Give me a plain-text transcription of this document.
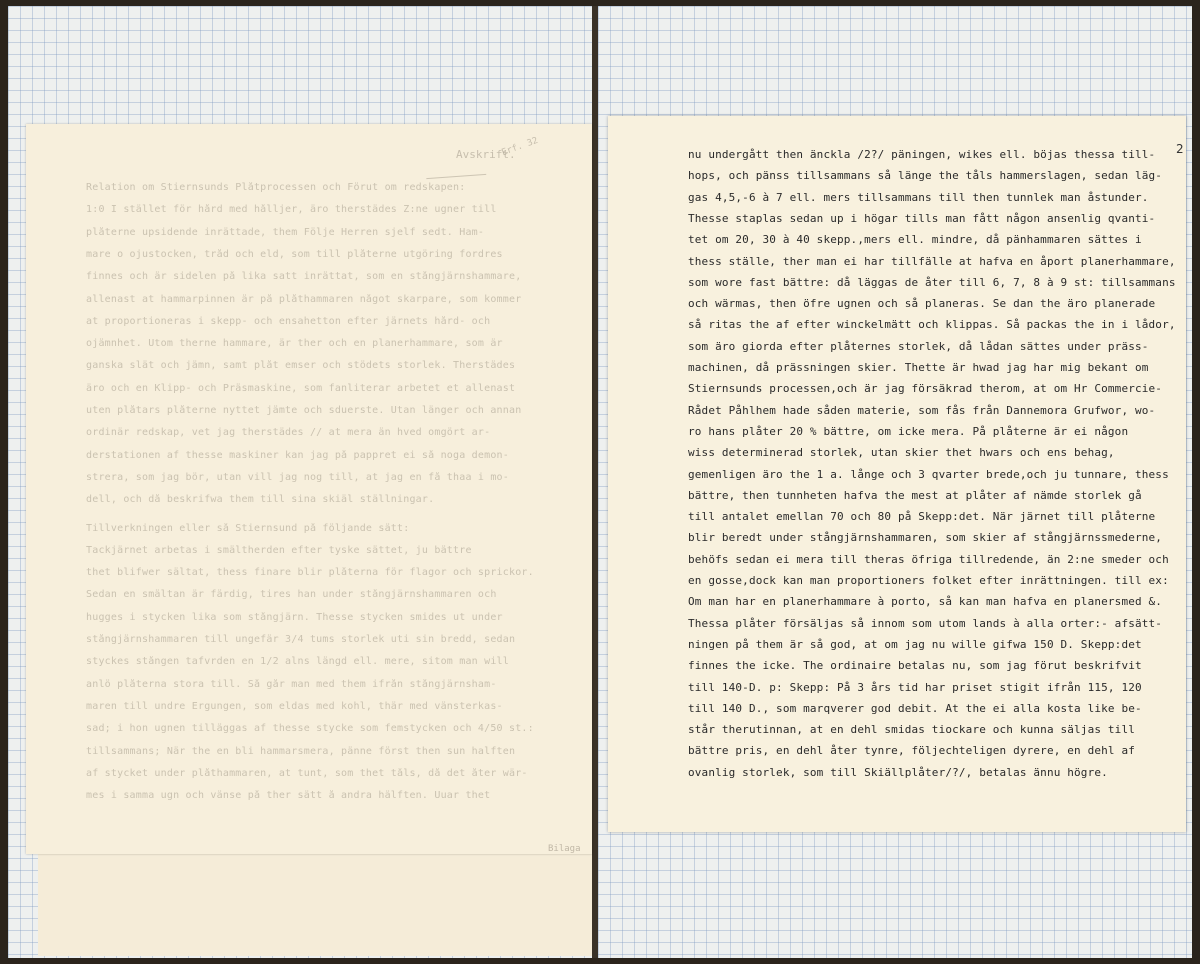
Avskrift.
Erf. 32
Relation om Stiernsunds Plåtprocessen och Förut om redskapen:
1:0 I stället för hård med hålljer, äro therstädes Z:ne ugner till
plåterne upsidende inrättade, them Följe Herren sjelf sedt. Ham-
mare o ojustocken, tråd och eld, som till plåterne utgöring fordres
finnes och är sidelen på lika satt inrättat, som en stångjärnshammare,
allenast at hammarpinnen är på plåthammaren något skarpare, som kommer
at proportioneras i skepp- och ensahetton efter järnets hård- och
ojämnhet. Utom therne hammare, är ther och en planerhammare, som är
ganska slät och jämn, samt plåt emser och stödets storlek. Therstädes
äro och en Klipp- och Präsmaskine, som fanliterar arbetet et allenast
uten plåtars plåterne nyttet jämte och sduerste. Utan länger och annan
ordinär redskap, vet jag therstädes // at mera än hved omgört ar-
derstationen af thesse maskiner kan jag på pappret ei så noga demon-
strera, som jag bör, utan vill jag nog till, at jag en få thaa i mo-
dell, och då beskrifwa them till sina skiäl ställningar.
Tillverkningen eller så Stiernsund på följande sätt:
Tackjärnet arbetas i smältherden efter tyske sättet, ju bättre
thet blifwer sältat, thess finare blir plåterna för flagor och sprickor.
Sedan en smältan är färdig, tires han under stångjärnshammaren och
hugges i stycken lika som stångjärn. Thesse stycken smides ut under
stångjärnshammaren till ungefär 3/4 tums storlek uti sin bredd, sedan
styckes stången tafvrden en 1/2 alns längd ell. mere, sitom man will
anlö plåterna stora till. Så går man med them ifrån stångjärnsham-
maren till undre Ergungen, som eldas med kohl, thär med vänsterkas-
sad; i hon ugnen tilläggas af thesse stycke som femstycken och 4/50 st.:
tillsammans; När the en bli hammarsmera, pänne först then sun halften
af stycket under plåthammaren, at tunt, som thet tåls, då det åter wär-
mes i samma ugn och vänse på ther sätt å andra hälften. Uuar thet
Bilaga
2
nu undergått then änckla /2?/ päningen, wikes ell. böjas thessa till-
hops, och pänss tillsammans så länge the tåls hammerslagen, sedan läg-
gas 4,5,-6 à 7 ell. mers tillsammans till then tunnlek man åstunder.
Thesse staplas sedan up i högar tills man fått någon ansenlig qvanti-
tet om 20, 30 à 40 skepp.,mers ell. mindre, då pänhammaren sättes i
thess ställe, ther man ei har tillfälle at hafva en åport planerhammare,
som wore fast bättre: då läggas de åter till 6, 7, 8 à 9 st: tillsammans
och wärmas, then öfre ugnen och så planeras. Se dan the äro planerade
så ritas the af efter winckelmätt och klippas. Så packas the in i lådor,
som äro giorda efter plåternes storlek, då lådan sättes under präss-
machinen, då prässningen skier. Thette är hwad jag har mig bekant om
Stiernsunds processen,och är jag försäkrad therom, at om Hr Commercie-
Rådet Påhlhem hade såden materie, som fås från Dannemora Grufwor, wo-
ro hans plåter 20 % bättre, om icke mera. På plåterne är ei någon
wiss determinerad storlek, utan skier thet hwars och ens behag,
gemenligen äro the 1 a. långe och 3 qvarter brede,och ju tunnare, thess
bättre, then tunnheten hafva the mest at plåter af nämde storlek gå
till antalet emellan 70 och 80 på Skepp:det. När järnet till plåterne
blir beredt under stångjärnshammaren, som skier af stångjärnssmederne,
behöfs sedan ei mera till theras öfriga tillredende, än 2:ne smeder och
en gosse,dock kan man proportioners folket efter inrättningen. till ex:
Om man har en planerhammare à porto, så kan man hafva en planersmed &.
Thessa plåter försäljas så innom som utom lands à alla orter:- afsätt-
ningen på them är så god, at om jag nu wille gifwa 150 D. Skepp:det
finnes the icke. The ordinaire betalas nu, som jag förut beskrifvit
till 140-D. p: Skepp: På 3 års tid har priset stigit ifrån 115, 120
till 140 D., som marqverer god debit. At the ei alla kosta like be-
står therutinnan, at en dehl smidas tiockare och kunna säljas till
bättre pris, en dehl åter tynre, följechteligen dyrere, en dehl af
ovanlig storlek, som till Skiällplåter/?/, betalas ännu högre.
